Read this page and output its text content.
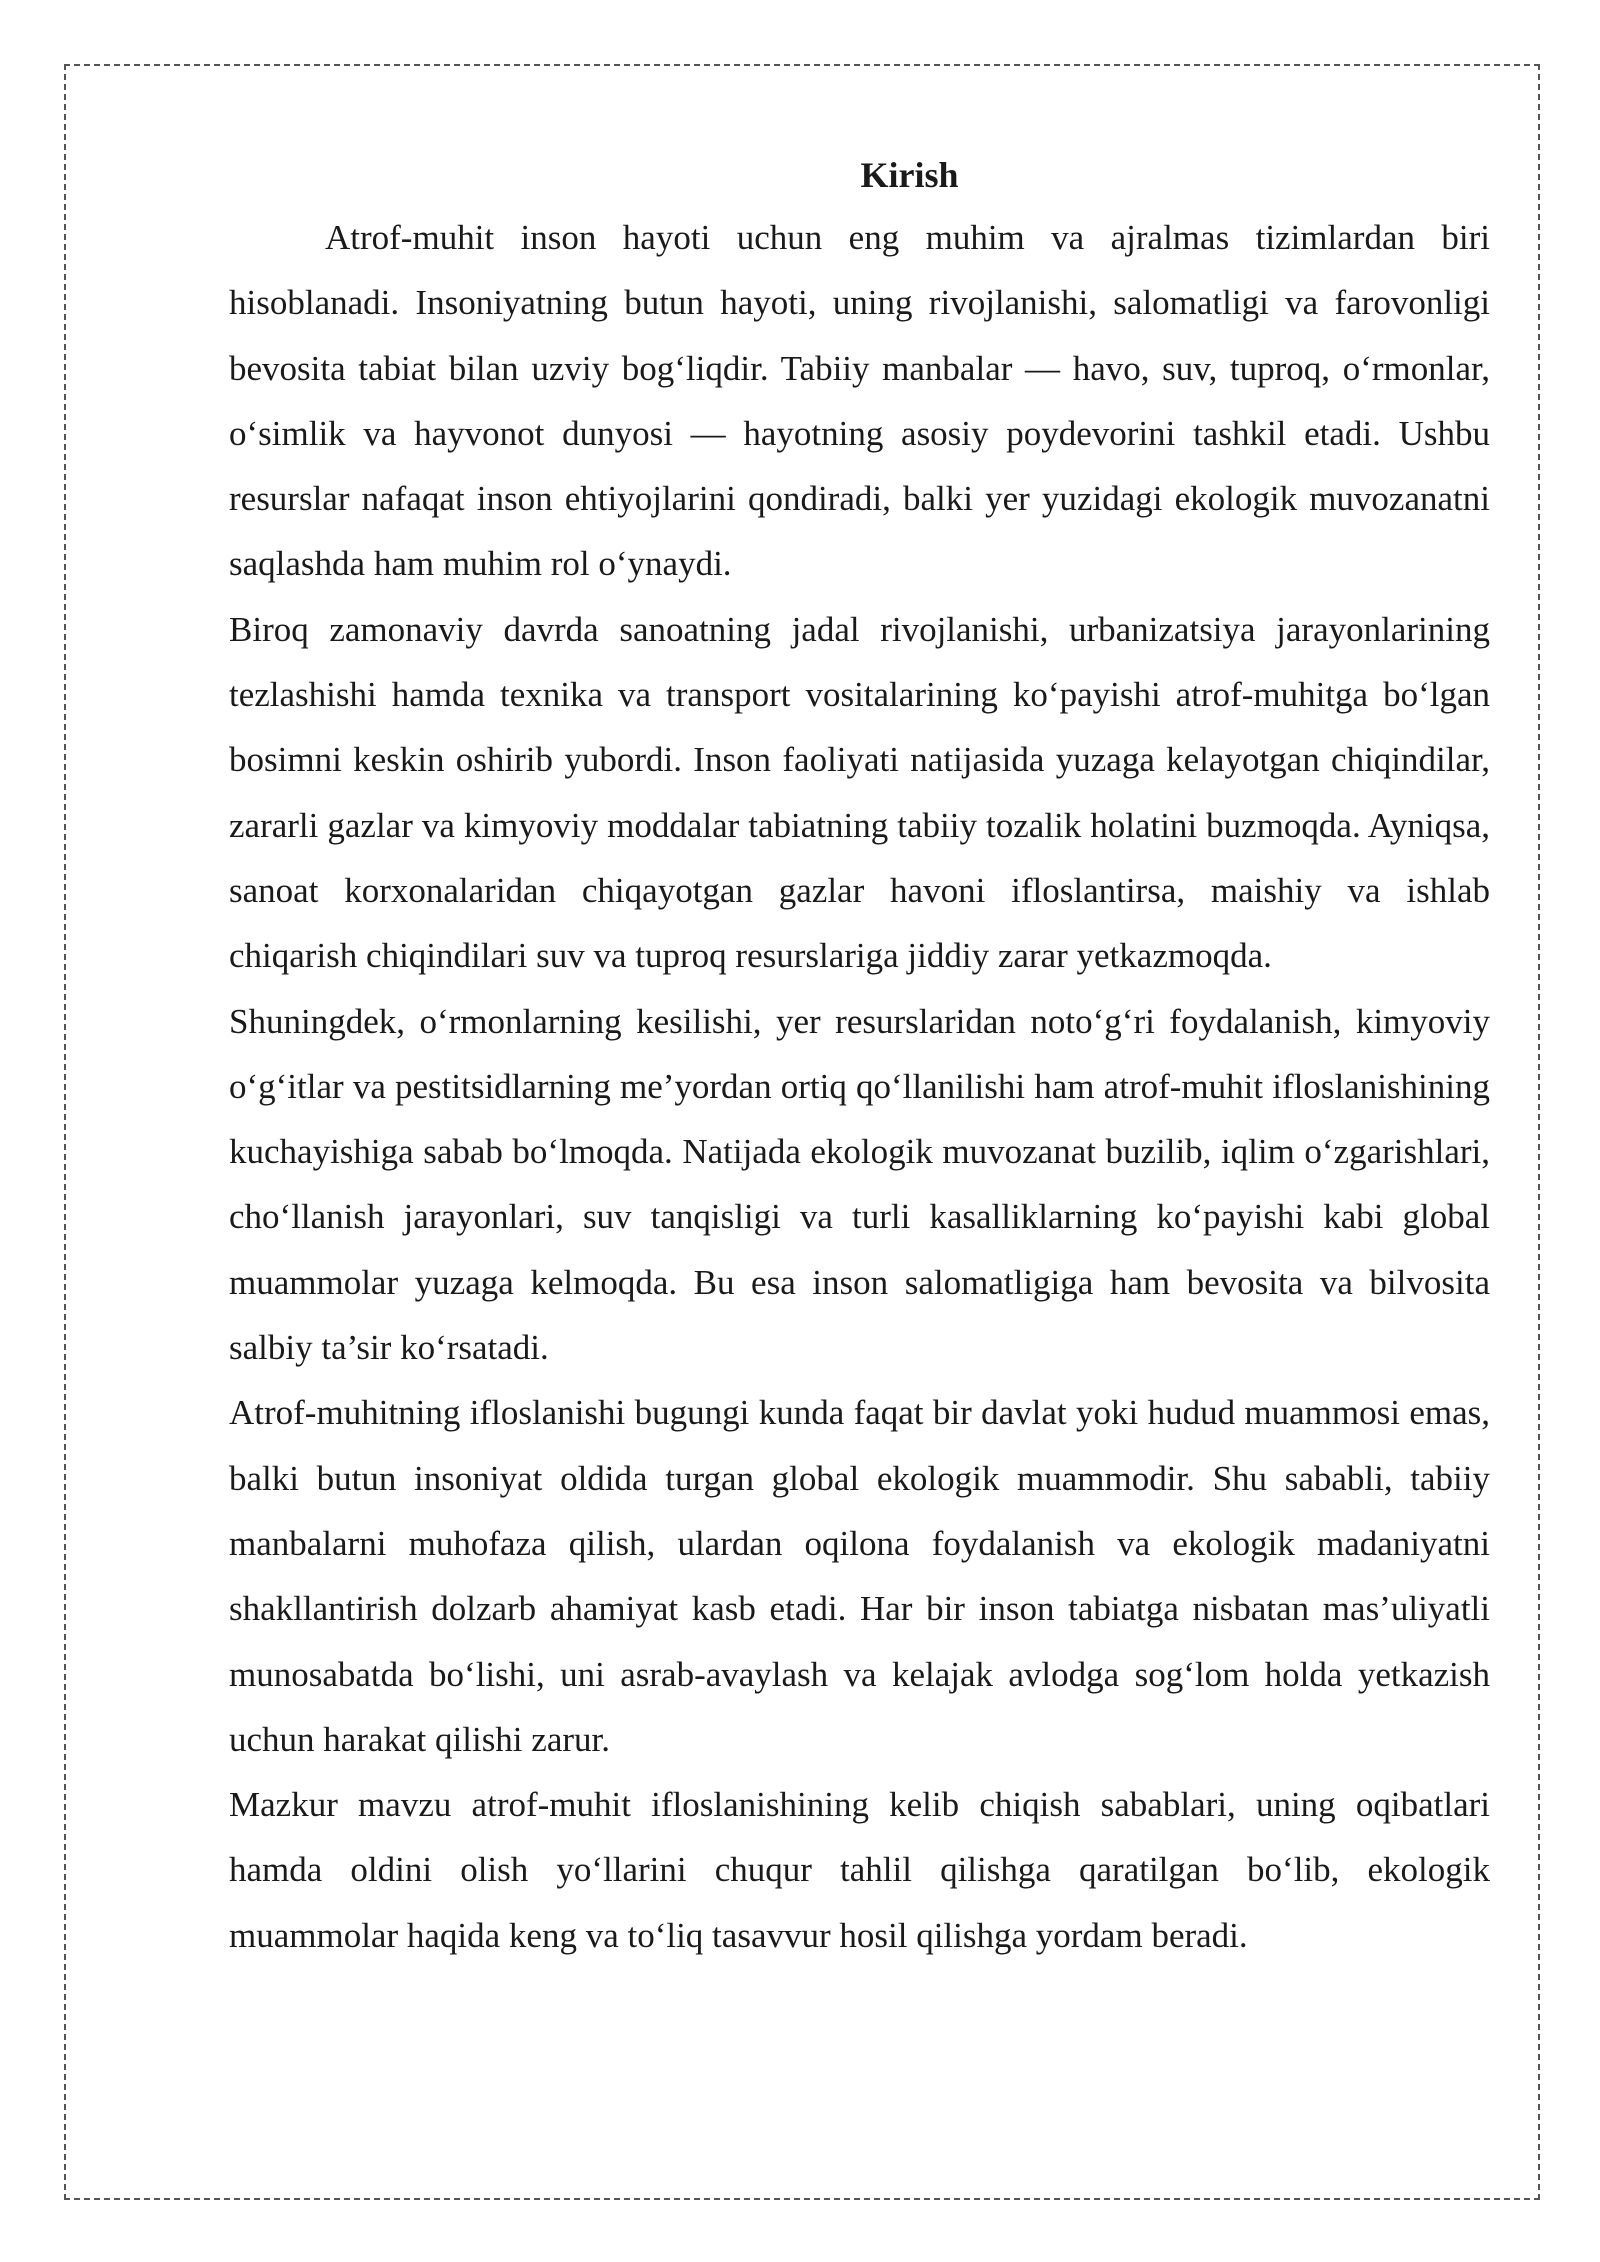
Kirish

Atrof-muhit inson hayoti uchun eng muhim va ajralmas tizimlardan biri hisoblanadi. Insoniyatning butun hayoti, uning rivojlanishi, salomatligi va farovonligi bevosita tabiat bilan uzviy bog‘liqdir. Tabiiy manbalar — havo, suv, tuproq, o‘rmonlar, o‘simlik va hayvonot dunyosi — hayotning asosiy poydevorini tashkil etadi. Ushbu resurslar nafaqat inson ehtiyojlarini qondiradi, balki yer yuzidagi ekologik muvozanatni saqlashda ham muhim rol o‘ynaydi.

Biroq zamonaviy davrda sanoatning jadal rivojlanishi, urbanizatsiya jarayonlarining tezlashishi hamda texnika va transport vositalarining ko‘payishi atrof-muhitga bo‘lgan bosimni keskin oshirib yubordi. Inson faoliyati natijasida yuzaga kelayotgan chiqindilar, zararli gazlar va kimyoviy moddalar tabiatning tabiiy tozalik holatini buzmoqda. Ayniqsa, sanoat korxonalaridan chiqayotgan gazlar havoni ifloslantirsa, maishiy va ishlab chiqarish chiqindilari suv va tuproq resurslariga jiddiy zarar yetkazmoqda.

Shuningdek, o‘rmonlarning kesilishi, yer resurslaridan noto‘g‘ri foydalanish, kimyoviy o‘g‘itlar va pestitsidlarning me’yordan ortiq qo‘llanilishi ham atrof-muhit ifloslanishining kuchayishiga sabab bo‘lmoqda. Natijada ekologik muvozanat buzilib, iqlim o‘zgarishlari, cho‘llanish jarayonlari, suv tanqisligi va turli kasalliklarning ko‘payishi kabi global muammolar yuzaga kelmoqda. Bu esa inson salomatligiga ham bevosita va bilvosita salbiy ta’sir ko‘rsatadi.

Atrof-muhitning ifloslanishi bugungi kunda faqat bir davlat yoki hudud muammosi emas, balki butun insoniyat oldida turgan global ekologik muammodir. Shu sababli, tabiiy manbalarni muhofaza qilish, ulardan oqilona foydalanish va ekologik madaniyatni shakllantirish dolzarb ahamiyat kasb etadi. Har bir inson tabiatga nisbatan mas’uliyatli munosabatda bo‘lishi, uni asrab-avaylash va kelajak avlodga sog‘lom holda yetkazish uchun harakat qilishi zarur.

Mazkur mavzu atrof-muhit ifloslanishining kelib chiqish sabablari, uning oqibatlari hamda oldini olish yo‘llarini chuqur tahlil qilishga qaratilgan bo‘lib, ekologik muammolar haqida keng va to‘liq tasavvur hosil qilishga yordam beradi.
